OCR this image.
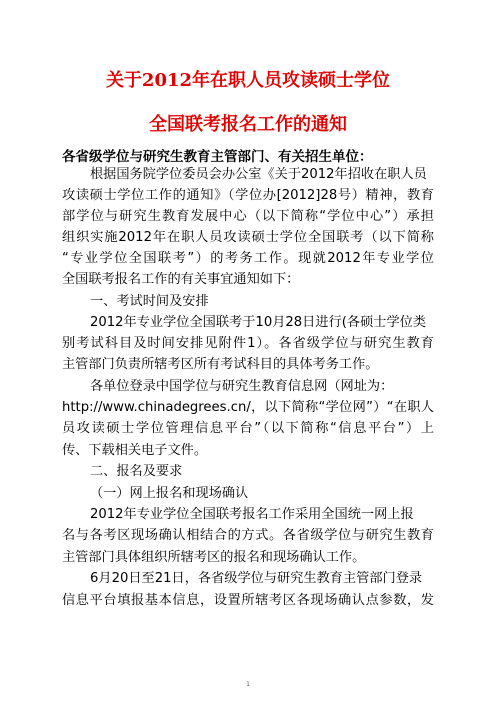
关于2012年在职人员攻读硕士学位
全国联考报名工作的通知
各省级学位与研究生教育主管部门、有关招生单位：
根据国务院学位委员会办公室《关于2012年招收在职人员
攻读硕士学位工作的通知》（学位办[2012]28号）精神，教育
部学位与研究生教育发展中心（以下简称“学位中心”）承担
组织实施2012年在职人员攻读硕士学位全国联考（以下简称
“专业学位全国联考”）的考务工作。现就2012年专业学位
全国联考报名工作的有关事宜通知如下：
一、考试时间及安排
2012年专业学位全国联考于10月28日进行(各硕士学位类
别考试科目及时间安排见附件1）。各省级学位与研究生教育
主管部门负责所辖考区所有考试科目的具体考务工作。
各单位登录中国学位与研究生教育信息网（网址为：
http://www.chinadegrees.cn/，以下简称“学位网”）“在职人
员攻读硕士学位管理信息平台”（以下简称“信息平台”）上
传、下载相关电子文件。
二、报名及要求
（一）网上报名和现场确认
2012年专业学位全国联考报名工作采用全国统一网上报
名与各考区现场确认相结合的方式。各省级学位与研究生教育
主管部门具体组织所辖考区的报名和现场确认工作。
6月20日至21日，各省级学位与研究生教育主管部门登录
信息平台填报基本信息，设置所辖考区各现场确认点参数，发
1
